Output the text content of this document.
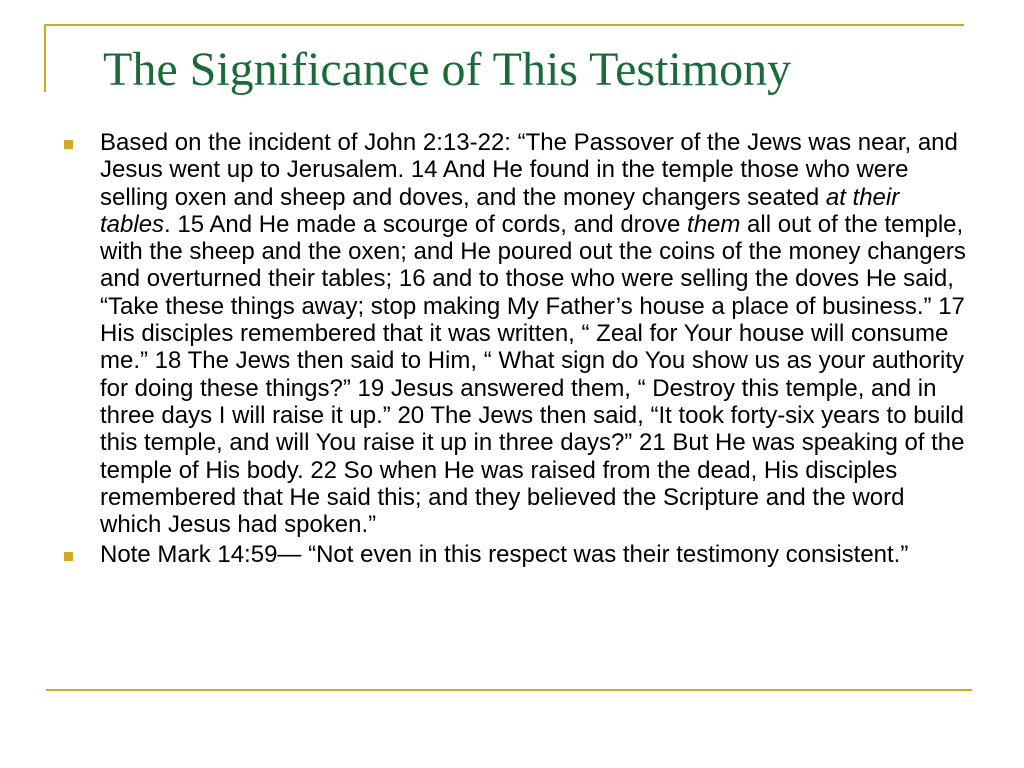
The Significance of This Testimony
Based on the incident of John 2:13-22: “The Passover of the Jews was near, and Jesus went up to Jerusalem. 14 And He found in the temple those who were selling oxen and sheep and doves, and the money changers seated at their tables. 15 And He made a scourge of cords, and drove them all out of the temple, with the sheep and the oxen; and He poured out the coins of the money changers and overturned their tables; 16 and to those who were selling the doves He said, “Take these things away; stop making My Father’s house a place of business.” 17 His disciples remembered that it was written, “ Zeal for Your house will consume me.” 18 The Jews then said to Him, “ What sign do You show us as your authority for doing these things?” 19 Jesus answered them, “ Destroy this temple, and in three days I will raise it up.” 20 The Jews then said, “It took forty-six years to build this temple, and will You raise it up in three days?” 21 But He was speaking of the temple of His body. 22 So when He was raised from the dead, His disciples remembered that He said this; and they believed the Scripture and the word which Jesus had spoken.”
Note Mark 14:59— “Not even in this respect was their testimony consistent.”
